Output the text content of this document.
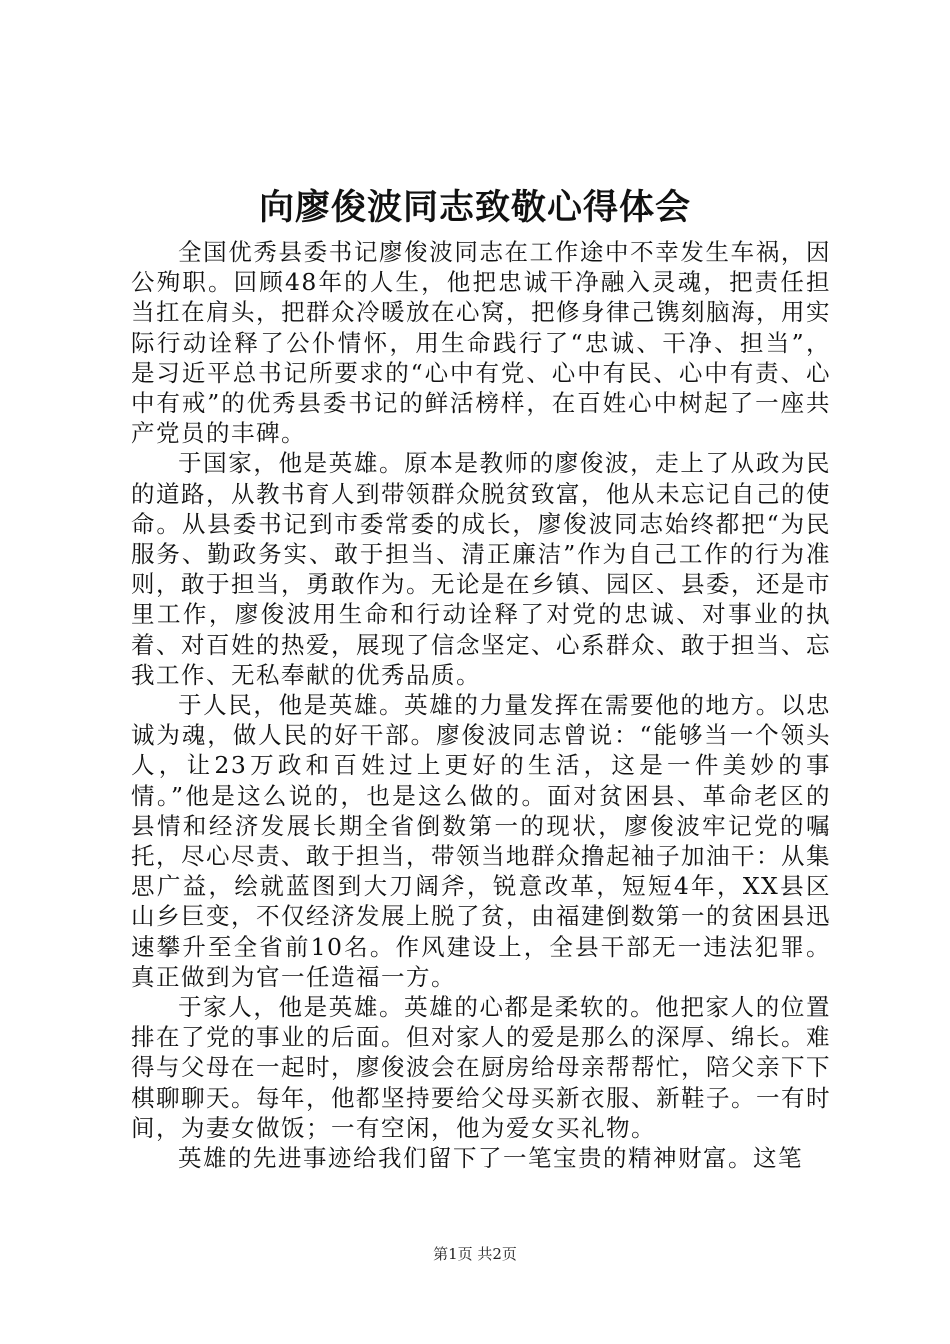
向廖俊波同志致敬心得体会

全国优秀县委书记廖俊波同志在工作途中不幸发生车祸，因公殉职。回顾48年的人生，他把忠诚干净融入灵魂，把责任担当扛在肩头，把群众冷暖放在心窝，把修身律己镌刻脑海，用实际行动诠释了公仆情怀，用生命践行了“忠诚、干净、担当”，是习近平总书记所要求的“心中有党、心中有民、心中有责、心中有戒”的优秀县委书记的鲜活榜样，在百姓心中树起了一座共产党员的丰碑。

于国家，他是英雄。原本是教师的廖俊波，走上了从政为民的道路，从教书育人到带领群众脱贫致富，他从未忘记自己的使命。从县委书记到市委常委的成长，廖俊波同志始终都把“为民服务、勤政务实、敢于担当、清正廉洁”作为自己工作的行为准则，敢于担当，勇敢作为。无论是在乡镇、园区、县委，还是市里工作，廖俊波用生命和行动诠释了对党的忠诚、对事业的执着、对百姓的热爱，展现了信念坚定、心系群众、敢于担当、忘我工作、无私奉献的优秀品质。

于人民，他是英雄。英雄的力量发挥在需要他的地方。以忠诚为魂，做人民的好干部。廖俊波同志曾说：“能够当一个领头人，让23万政和百姓过上更好的生活，这是一件美妙的事情。”他是这么说的，也是这么做的。面对贫困县、革命老区的县情和经济发展长期全省倒数第一的现状，廖俊波牢记党的嘱托，尽心尽责、敢于担当，带领当地群众撸起袖子加油干：从集思广益，绘就蓝图到大刀阔斧，锐意改革，短短4年，XX县区山乡巨变，不仅经济发展上脱了贫，由福建倒数第一的贫困县迅速攀升至全省前10名。作风建设上，全县干部无一违法犯罪。真正做到为官一任造福一方。

于家人，他是英雄。英雄的心都是柔软的。他把家人的位置排在了党的事业的后面。但对家人的爱是那么的深厚、绵长。难得与父母在一起时，廖俊波会在厨房给母亲帮帮忙，陪父亲下下棋聊聊天。每年，他都坚持要给父母买新衣服、新鞋子。一有时间，为妻女做饭；一有空闲，他为爱女买礼物。

英雄的先进事迹给我们留下了一笔宝贵的精神财富。这笔

第1页 共2页
